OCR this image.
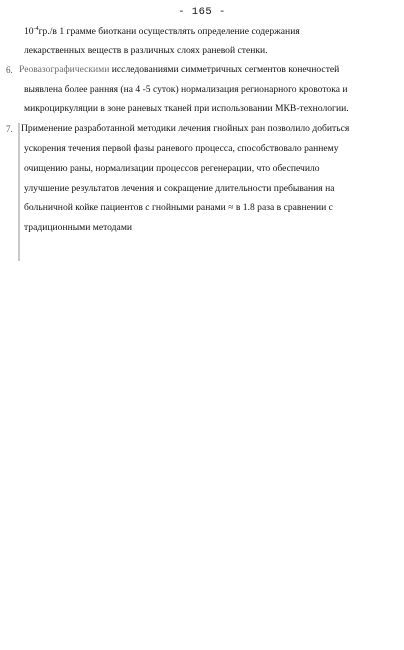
- 165 -
$10^{-4}гр./в$ 1 грамме биоткани осуществлять определение содержания
лекарственных веществ в различных слоях раневой стенки.
6. Реовазографическими исследованиями симметричных сегментов конечностей
выявлена более ранняя (на 4 -5 суток) нормализация регионарного кровотока и
микроциркуляции в зоне раневых тканей при использовании МКВ-технологии.
7. Применение разработанной методики лечения гнойных ран позволило добиться
ускорения течения первой фазы раневого процесса, способствовало раннему
очищению раны, нормализации процессов регенерации, что обеспечило
улучшение результатов лечения и сокращение длительности пребывания на
больничной койке пациентов с гнойными ранами ≈ в 1.8 раза в сравнении с
традиционными методами
